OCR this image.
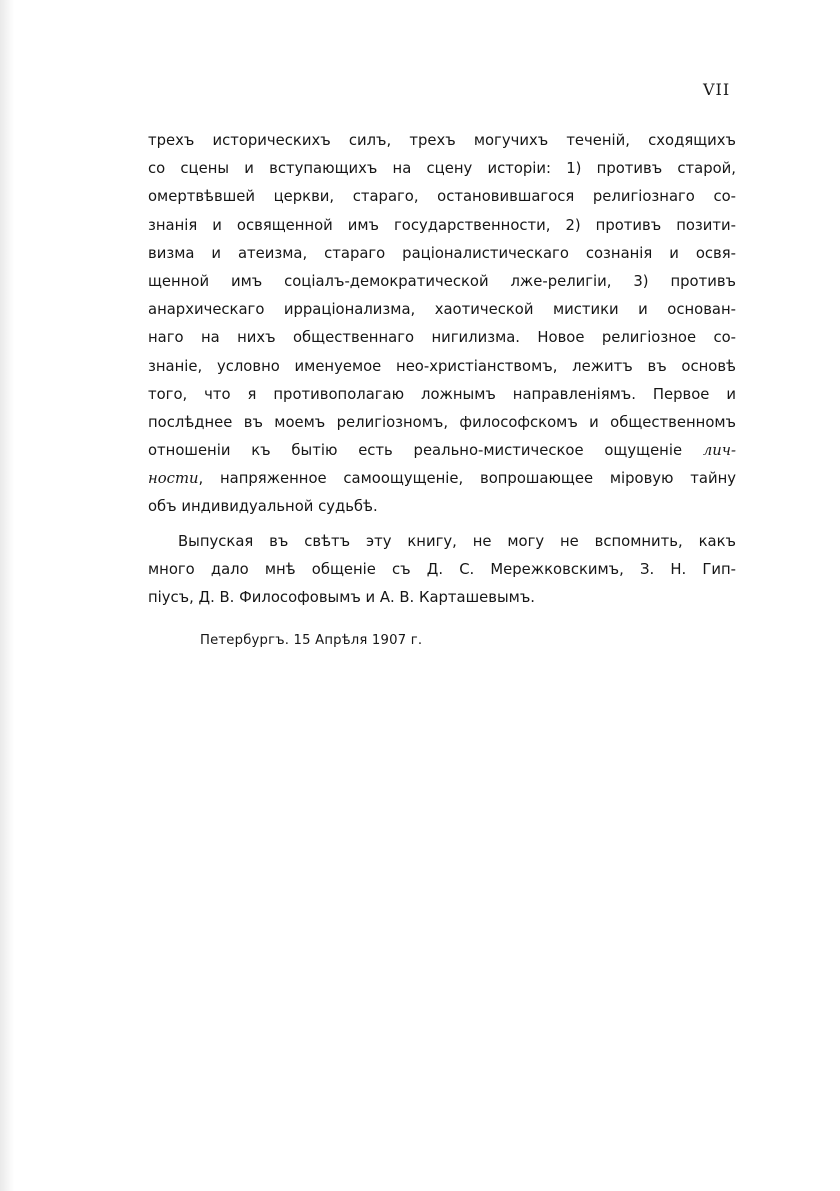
VII
трехъ историческихъ силъ, трехъ могучихъ теченій, сходящихъ
со сцены и вступающихъ на сцену исторіи: 1) противъ старой,
омертвѣвшей церкви, стараго, остановившагося религіознаго со-
знанія и освященной имъ государственности, 2) противъ позити-
визма и атеизма, стараго раціоналистическаго сознанія и освя-
щенной имъ соціалъ-демократической лже-религіи, 3) противъ
анархическаго ирраціонализма, хаотической мистики и основан-
наго на нихъ общественнаго нигилизма. Новое религіозное со-
знаніе, условно именуемое нео-христіанствомъ, лежитъ въ основѣ
того, что я противополагаю ложнымъ направленіямъ. Первое и
послѣднее въ моемъ религіозномъ, философскомъ и общественномъ
отношеніи къ бытію есть реально-мистическое ощущеніе лич-
ности, напряженное самоощущеніе, вопрошающее міровую тайну
объ индивидуальной судьбѣ.
Выпуская въ свѣтъ эту книгу, не могу не вспомнить, какъ
много дало мнѣ общеніе съ Д. С. Мережковскимъ, З. Н. Гип-
піусъ, Д. В. Философовымъ и А. В. Карташевымъ.
Петербургъ. 15 Апрѣля 1907 г.
